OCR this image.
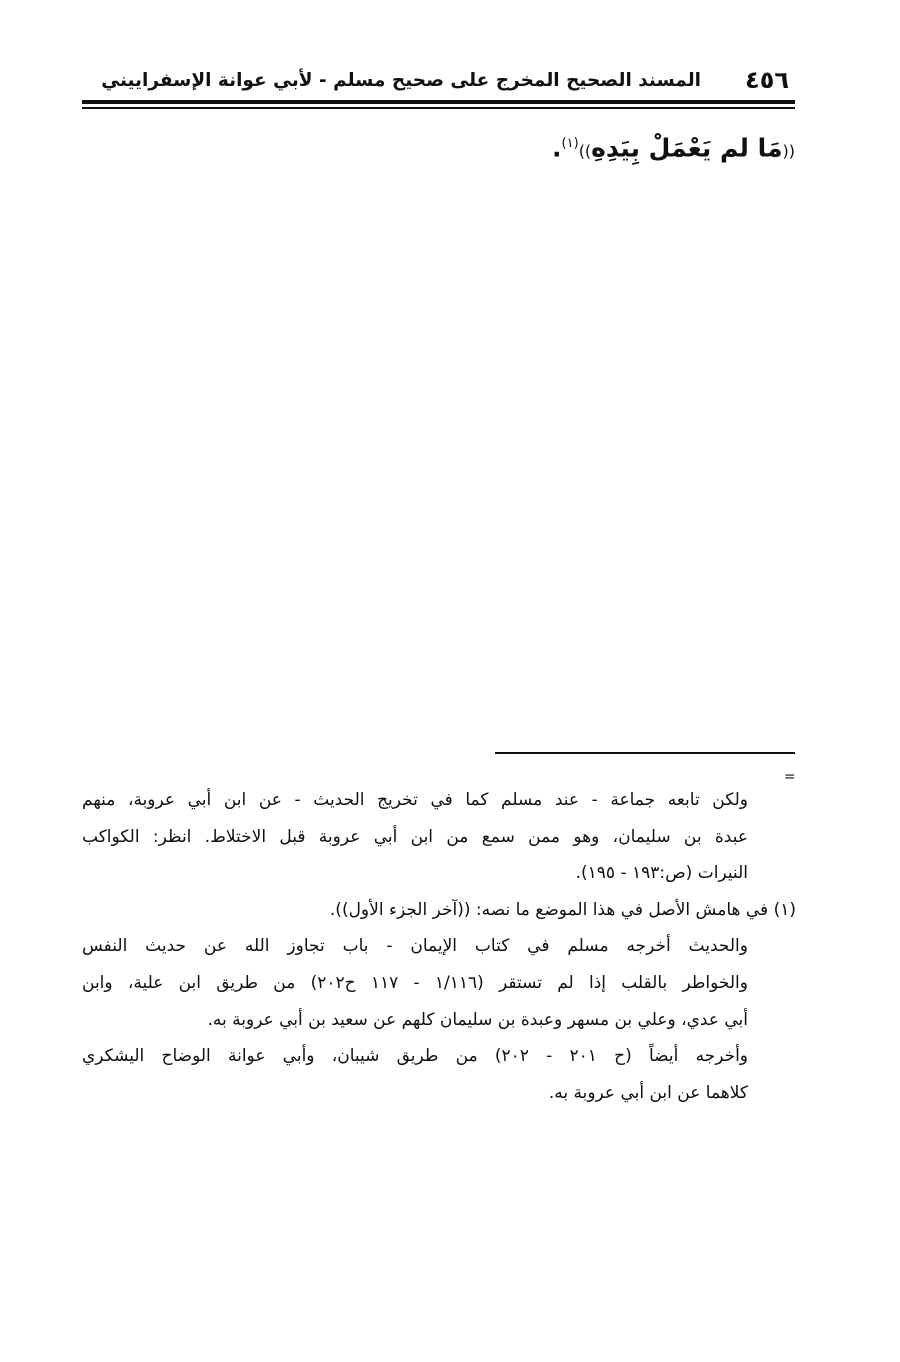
٤٥٦
المسند الصحيح المخرج على صحيح مسلم - لأبي عوانة الإسفراييني
((مَا لم يَعْمَلْ بِيَدِهِ))$^{(١)}$.
=
ولكن تابعه جماعة - عند مسلم كما في تخريج الحديث - عن ابن أبي عروبة، منهم
عبدة بن سليمان، وهو ممن سمع من ابن أبي عروبة قبل الاختلاط. انظر: الكواكب
النيرات (ص:١٩٣ - ١٩٥).
(١) في هامش الأصل في هذا الموضع ما نصه: ((آخر الجزء الأول)).
والحديث أخرجه مسلم في كتاب الإيمان - باب تجاوز الله عن حديث النفس
والخواطر بالقلب إذا لم تستقر (١/١١٦ - ١١٧ ح٢٠٢) من طريق ابن علية، وابن
أبي عدي، وعلي بن مسهر وعبدة بن سليمان كلهم عن سعيد بن أبي عروبة به.
وأخرجه أيضاً (ح ٢٠١ - ٢٠٢) من طريق شيبان، وأبي عوانة الوضاح اليشكري
كلاهما عن ابن أبي عروبة به.
